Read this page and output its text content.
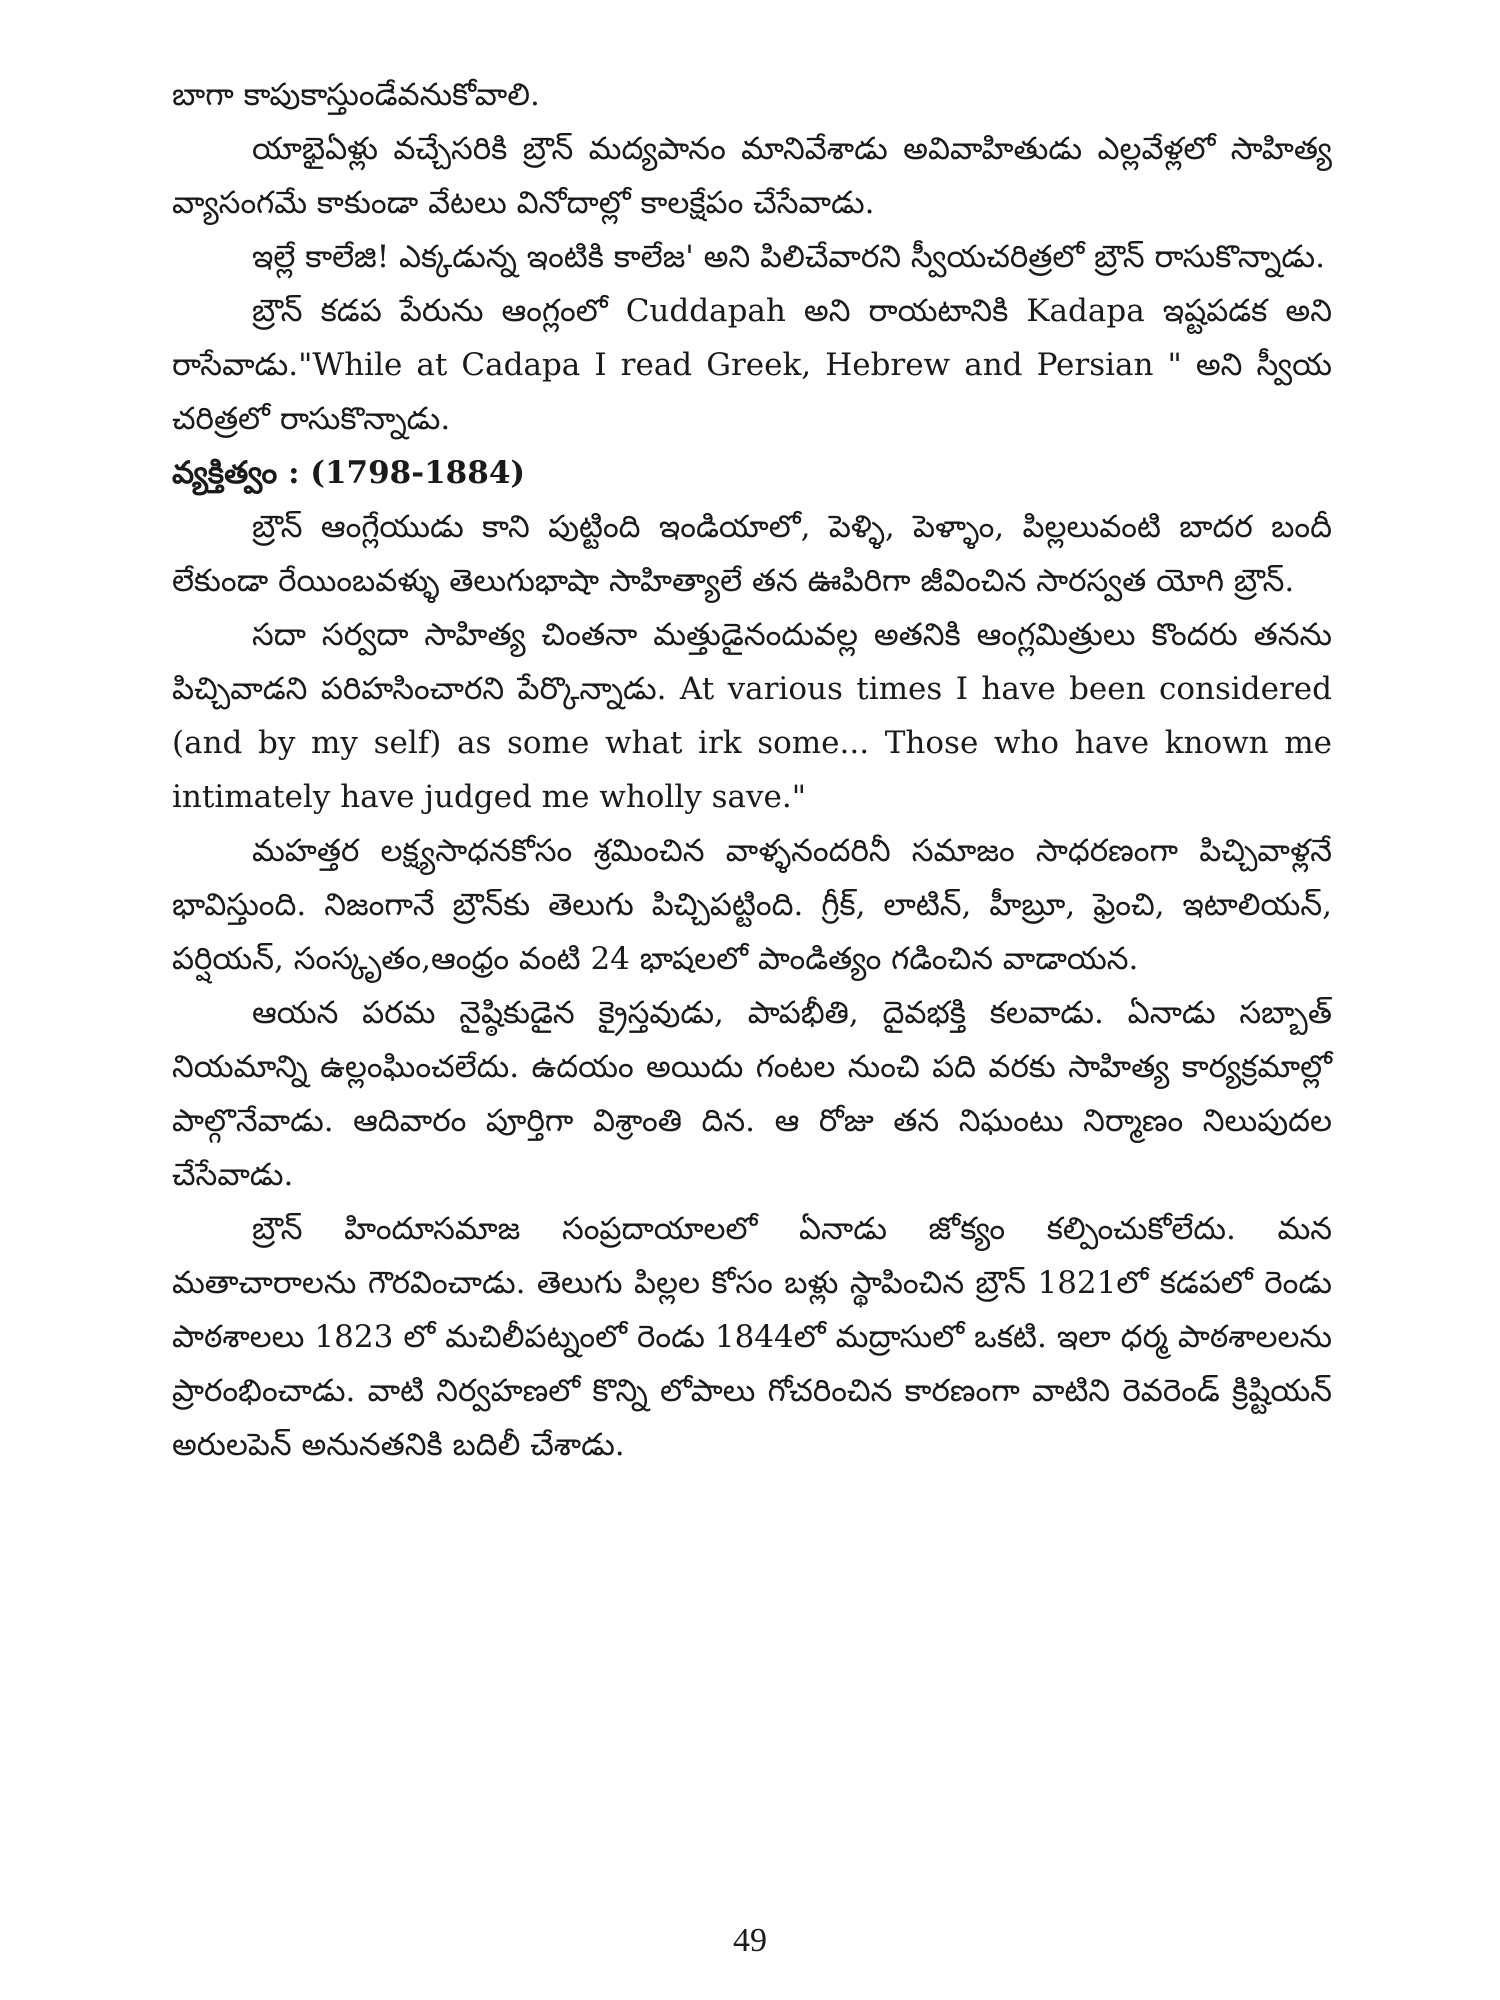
బాగా కాపుకాస్తుండేవనుకోవాలి.

యాభైఏళ్లు వచ్చేసరికి బ్రౌన్ మద్యపానం మానివేశాడు అవివాహితుడు ఎల్లవేళ్లలో సాహిత్య వ్యాసంగమే కాకుండా వేటలు వినోదాల్లో కాలక్షేపం చేసేవాడు.

ఇల్లే కాలేజి! ఎక్కడున్న ఇంటికి కాలేజ' అని పిలిచేవారని స్వీయచరిత్రలో బ్రౌన్ రాసుకొన్నాడు.

బ్రౌన్ కడప పేరును ఆంగ్లంలో Cuddapah అని రాయటానికి Kadapa ఇష్టపడక అని రాసేవాడు."While at Cadapa I read Greek, Hebrew and Persian " అని స్వీయ చరిత్రలో రాసుకొన్నాడు.

వ్యక్తిత్వం : (1798-1884)

బ్రౌన్ ఆంగ్లేయుడు కాని పుట్టింది ఇండియాలో, పెళ్ళి, పెళ్ళాం, పిల్లలువంటి బాదర బందీ లేకుండా రేయింబవళ్ళు తెలుగుభాషా సాహిత్యాలే తన ఊపిరిగా జీవించిన సారస్వత యోగి బ్రౌన్.

సదా సర్వదా సాహిత్య చింతనా మత్తుడైనందువల్ల అతనికి ఆంగ్లమిత్రులు కొందరు తనను పిచ్చివాడని పరిహసించారని పేర్కొన్నాడు. At various times I have been considered (and by my self) as some what irk some... Those who have known me intimately have judged me wholly save."

మహత్తర లక్ష్యసాధనకోసం శ్రమించిన వాళ్ళనందరినీ సమాజం సాధరణంగా పిచ్చివాళ్లనే భావిస్తుంది. నిజంగానే బ్రౌన్‌కు తెలుగు పిచ్చిపట్టింది. గ్రీక్, లాటిన్, హీబ్రూ, ఫ్రెంచి, ఇటాలియన్, పర్షియన్, సంస్కృతం,ఆంధ్రం వంటి 24 భాషలలో పాండిత్యం గడించిన వాడాయన.

ఆయన పరమ నైష్ఠికుడైన క్రైస్తవుడు, పాపభీతి, దైవభక్తి కలవాడు. ఏనాడు సబ్బాత్ నియమాన్ని ఉల్లంఘించలేదు. ఉదయం అయిదు గంటల నుంచి పది వరకు సాహిత్య కార్యక్రమాల్లో పాల్గొనేవాడు. ఆదివారం పూర్తిగా విశ్రాంతి దిన. ఆ రోజు తన నిఘంటు నిర్మాణం నిలుపుదల చేసేవాడు.

బ్రౌన్ హిందూసమాజ సంప్రదాయాలలో ఏనాడు జోక్యం కల్పించుకోలేదు. మన మతాచారాలను గౌరవించాడు. తెలుగు పిల్లల కోసం బళ్లు స్థాపించిన బ్రౌన్ 1821లో కడపలో రెండు పాఠశాలలు 1823 లో మచిలీపట్నంలో రెండు 1844లో మద్రాసులో ఒకటి. ఇలా ధర్మ పాఠశాలలను ప్రారంభించాడు. వాటి నిర్వహణలో కొన్ని లోపాలు గోచరించిన కారణంగా వాటిని రెవరెండ్ క్రిష్టియన్ అరులపెన్ అనునతనికి బదిలీ చేశాడు.

49
